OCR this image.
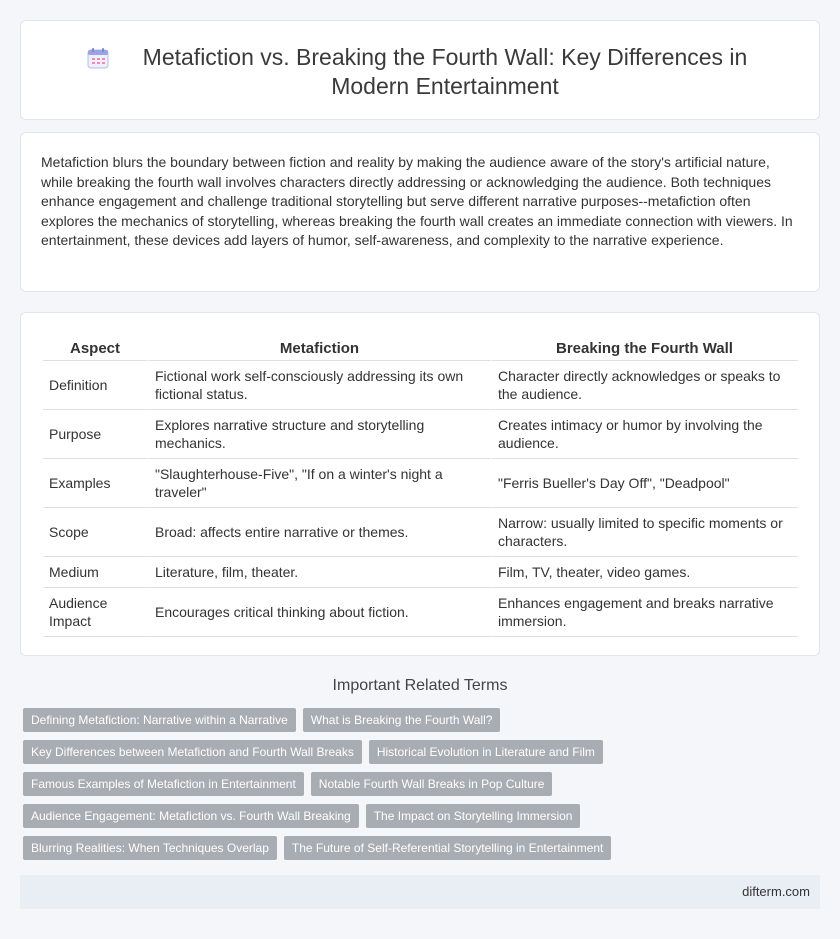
Metafiction vs. Breaking the Fourth Wall: Key Differences in Modern Entertainment

Metafiction blurs the boundary between fiction and reality by making the audience aware of the story's artificial nature, while breaking the fourth wall involves characters directly addressing or acknowledging the audience. Both techniques enhance engagement and challenge traditional storytelling but serve different narrative purposes--metafiction often explores the mechanics of storytelling, whereas breaking the fourth wall creates an immediate connection with viewers. In entertainment, these devices add layers of humor, self-awareness, and complexity to the narrative experience.

Aspect	Metafiction	Breaking the Fourth Wall
Definition	Fictional work self-consciously addressing its own fictional status.	Character directly acknowledges or speaks to the audience.
Purpose	Explores narrative structure and storytelling mechanics.	Creates intimacy or humor by involving the audience.
Examples	"Slaughterhouse-Five", "If on a winter's night a traveler"	"Ferris Bueller's Day Off", "Deadpool"
Scope	Broad: affects entire narrative or themes.	Narrow: usually limited to specific moments or characters.
Medium	Literature, film, theater.	Film, TV, theater, video games.
Audience Impact	Encourages critical thinking about fiction.	Enhances engagement and breaks narrative immersion.
Important Related Terms
Defining Metafiction: Narrative within a Narrative	What is Breaking the Fourth Wall?
Key Differences between Metafiction and Fourth Wall Breaks	Historical Evolution in Literature and Film
Famous Examples of Metafiction in Entertainment	Notable Fourth Wall Breaks in Pop Culture
Audience Engagement: Metafiction vs. Fourth Wall Breaking	The Impact on Storytelling Immersion
Blurring Realities: When Techniques Overlap	The Future of Self-Referential Storytelling in Entertainment
difterm.com
